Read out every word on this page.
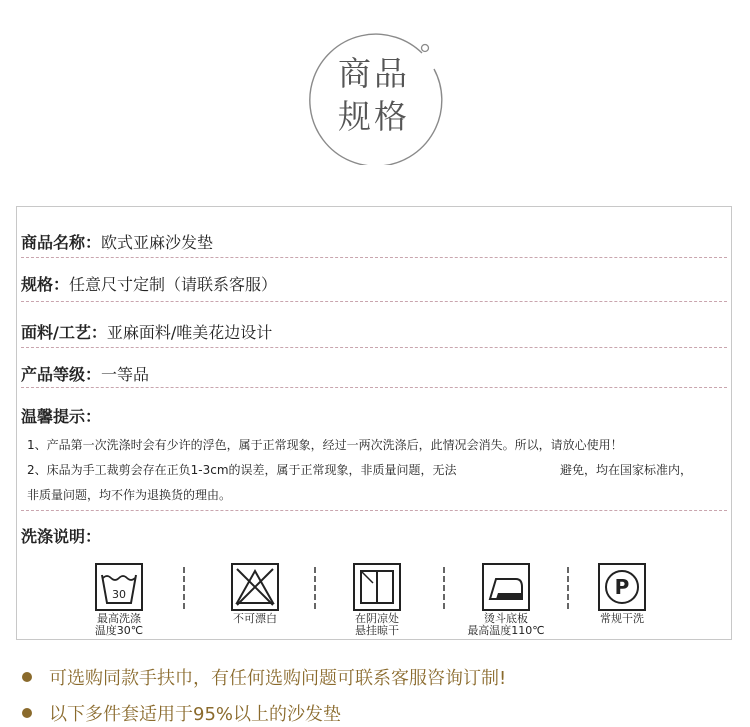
商品
规格
商品名称：欧式亚麻沙发垫
规格：任意尺寸定制（请联系客服）
面料/工艺：亚麻面料/唯美花边设计
产品等级：一等品
温馨提示：
1、产品第一次洗涤时会有少许的浮色，属于正常现象，经过一两次洗涤后，此情况会消失。所以，请放心使用！
2、床品为手工裁剪会存在正负1-3cm的误差，属于正常现象，非质量问题，无法	避免，均在国家标准内，
非质量问题，均不作为退换货的理由。
洗涤说明：
30
最高洗涤
温度30℃
不可漂白	在阴凉处
悬挂晾干
烫斗底板
最高温度110℃
P
常规干洗
可选购同款手扶巾，有任何选购问题可联系客服咨询订制!
以下多件套适用于95%以上的沙发垫
